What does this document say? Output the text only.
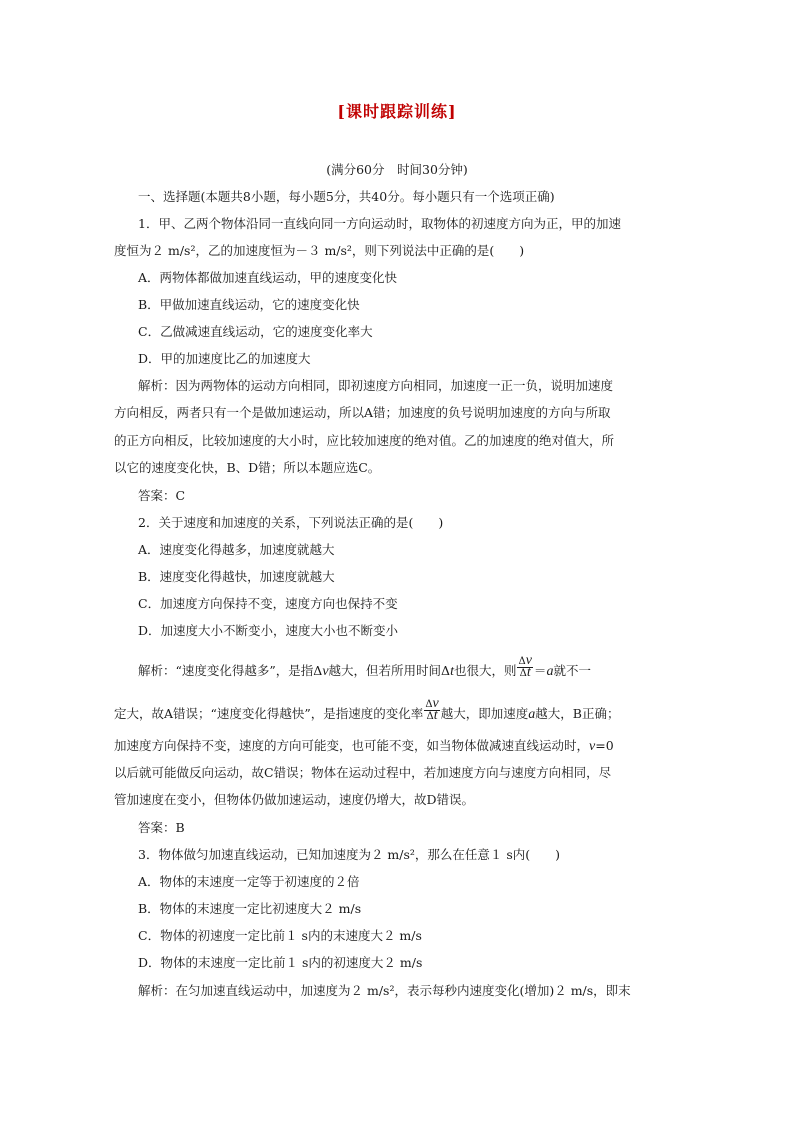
[课时跟踪训练]
(满分60分　时间30分钟)
一、选择题(本题共8小题，每小题5分，共40分。每小题只有一个选项正确)
1．甲、乙两个物体沿同一直线向同一方向运动时，取物体的初速度方向为正，甲的加速
度恒为２ m/s²，乙的加速度恒为－３ m/s²，则下列说法中正确的是(　　)
A．两物体都做加速直线运动，甲的速度变化快
B．甲做加速直线运动，它的速度变化快
C．乙做减速直线运动，它的速度变化率大
D．甲的加速度比乙的加速度大
解析：因为两物体的运动方向相同，即初速度方向相同，加速度一正一负，说明加速度
方向相反，两者只有一个是做加速运动，所以A错；加速度的负号说明加速度的方向与所取
的正方向相反，比较加速度的大小时，应比较加速度的绝对值。乙的加速度的绝对值大，所
以它的速度变化快，B、D错；所以本题应选C。
答案：C
2．关于速度和加速度的关系，下列说法正确的是(　　)
A．速度变化得越多，加速度就越大
B．速度变化得越快，加速度就越大
C．加速度方向保持不变，速度方向也保持不变
D．加速度大小不断变小，速度大小也不断变小
解析：“速度变化得越多”，是指Δv越大，但若所用时间Δt也很大，则 $\frac{\Delta v}{\Delta t} =a$就不一
定大，故A错误；“速度变化得越快”，是指速度的变化率 $\frac{\Delta v}{\Delta t}$ 越大，即加速度a越大，B正确；
加速度方向保持不变，速度的方向可能变，也可能不变，如当物体做减速直线运动时，v=0
以后就可能做反向运动，故C错误；物体在运动过程中，若加速度方向与速度方向相同，尽
管加速度在变小，但物体仍做加速运动，速度仍增大，故D错误。
答案：B
3．物体做匀加速直线运动，已知加速度为２ m/s²，那么在任意１ s内(　　)
A．物体的末速度一定等于初速度的２倍
B．物体的末速度一定比初速度大２ m/s
C．物体的初速度一定比前１ s内的末速度大２ m/s
D．物体的末速度一定比前１ s内的初速度大２ m/s
解析：在匀加速直线运动中，加速度为２ m/s²，表示每秒内速度变化(增加)２ m/s，即末
